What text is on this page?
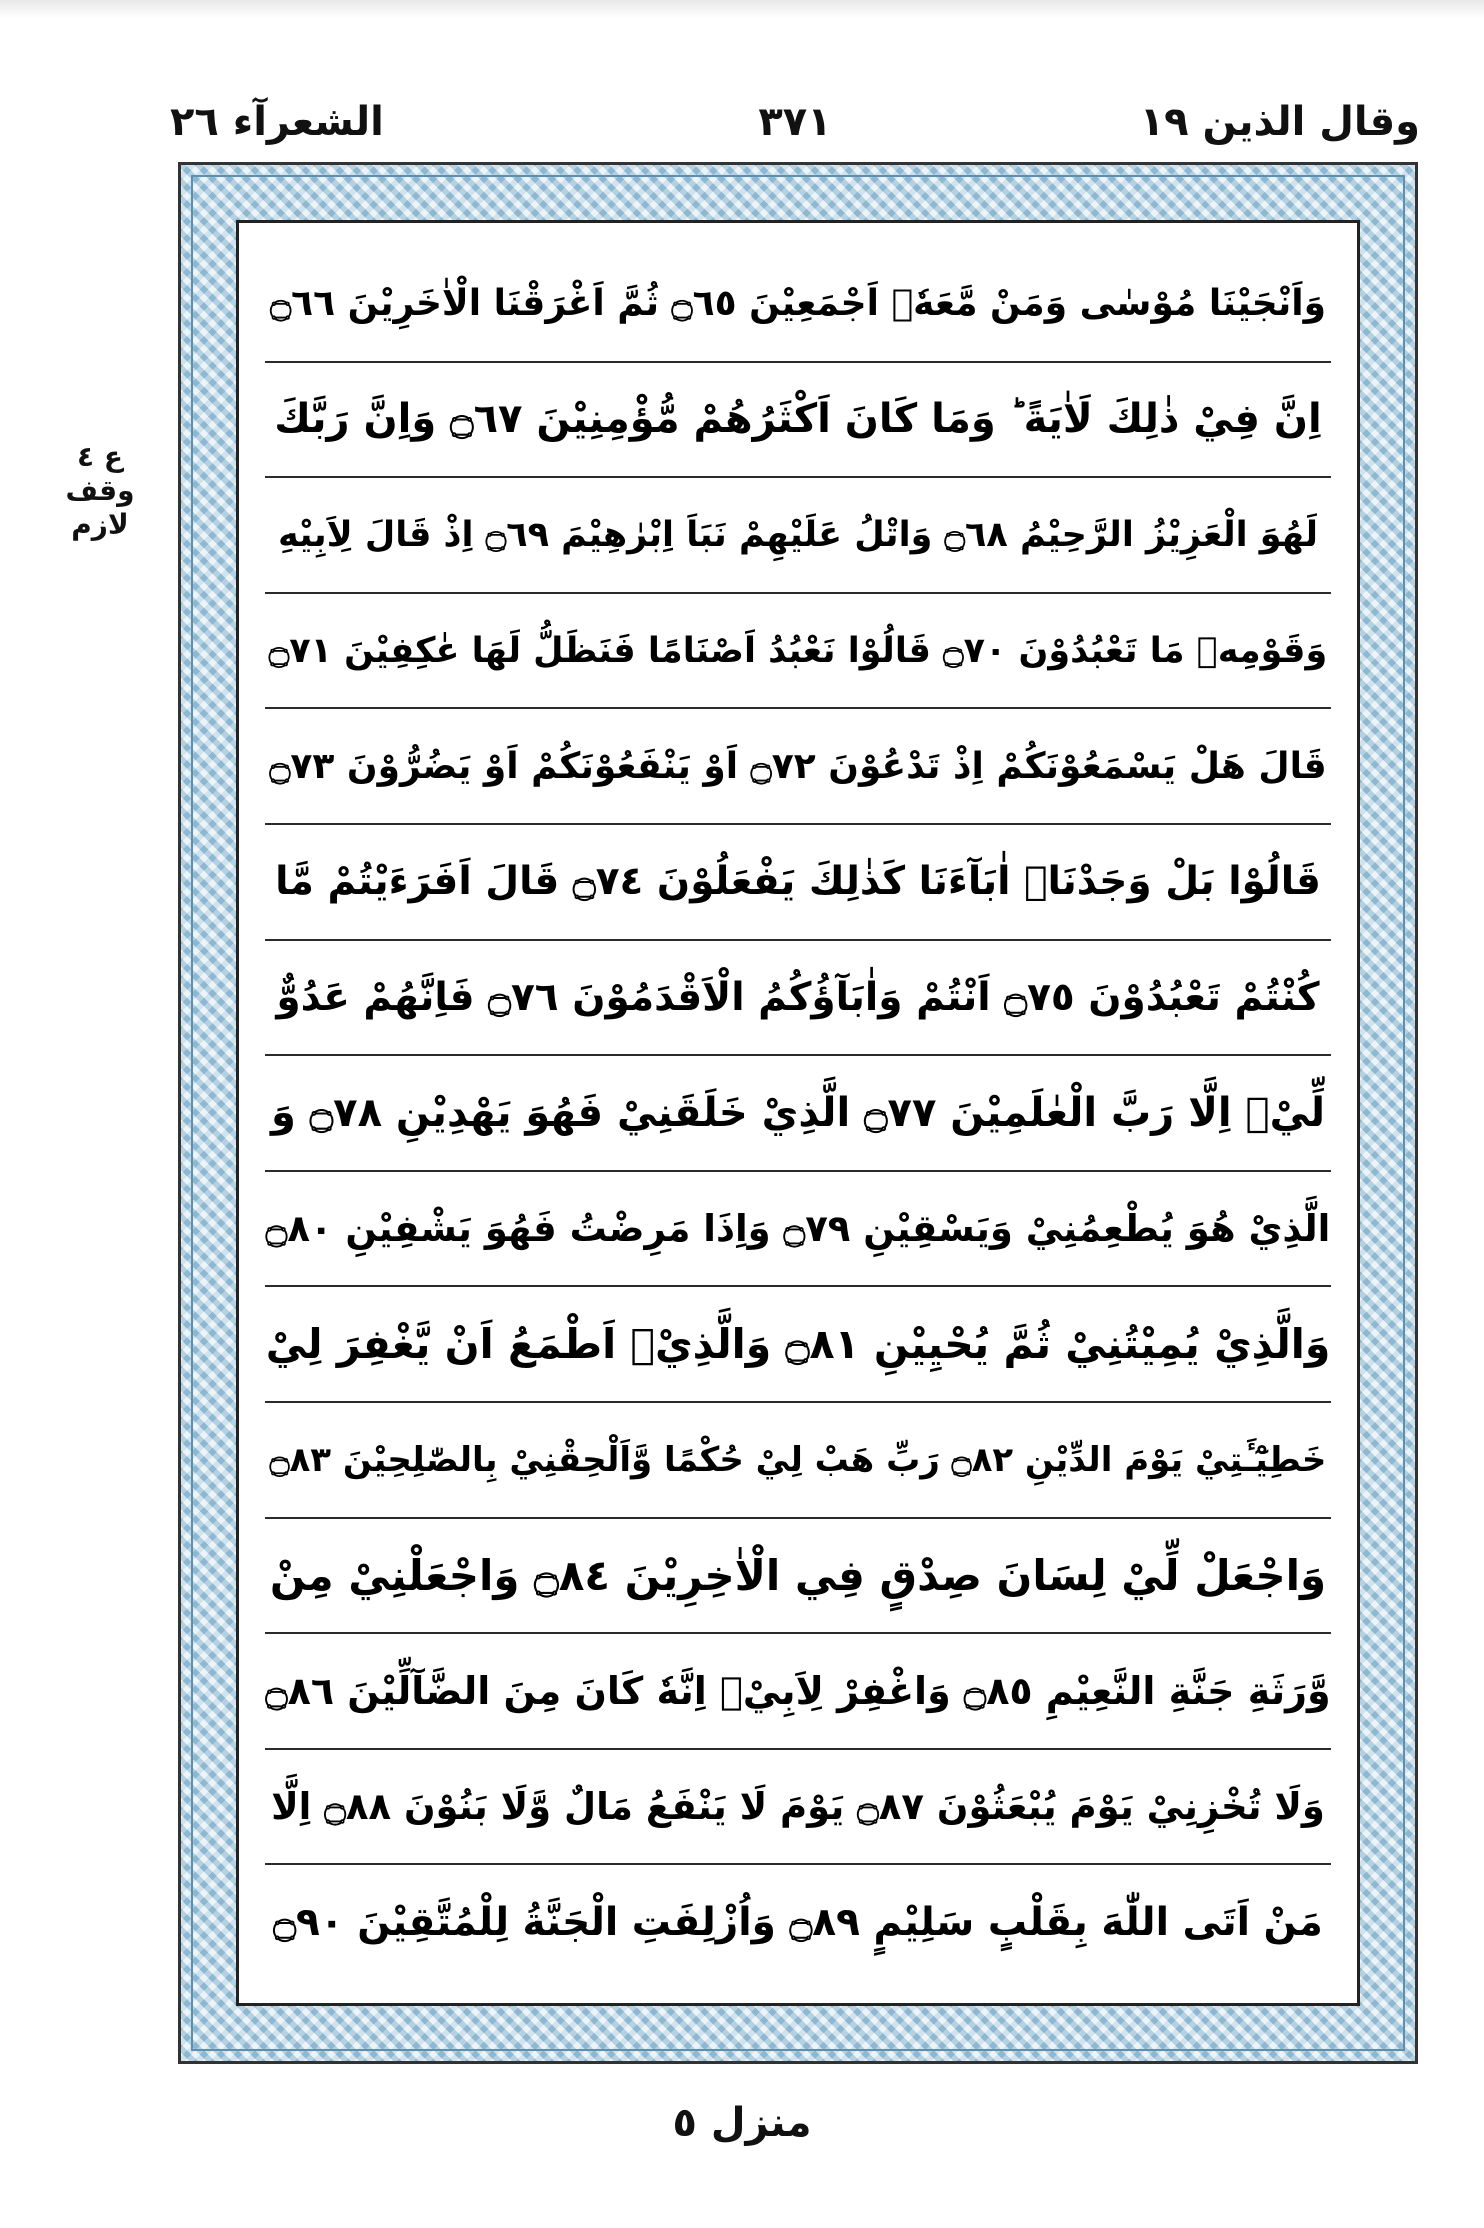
وقال الذين ١٩
٣٧١
الشعرآء ٢٦
ع ٤
وقف لازم
وَاَنْجَيْنَا مُوْسٰى وَمَنْ مَّعَهٗۤ اَجْمَعِيْنَ ۝٦٥ ثُمَّ اَغْرَقْنَا الْاٰخَرِيْنَ ۝٦٦
اِنَّ فِيْ ذٰلِكَ لَاٰيَةً ؕ وَمَا كَانَ اَكْثَرُهُمْ مُّؤْمِنِيْنَ ۝٦٧ وَاِنَّ رَبَّكَ
لَهُوَ الْعَزِيْزُ الرَّحِيْمُ ۝٦٨ وَاتْلُ عَلَيْهِمْ نَبَاَ اِبْرٰهِيْمَ ۝٦٩ اِذْ قَالَ لِاَبِيْهِ
وَقَوْمِهٖ مَا تَعْبُدُوْنَ ۝٧٠ قَالُوْا نَعْبُدُ اَصْنَامًا فَنَظَلُّ لَهَا عٰكِفِيْنَ ۝٧١
قَالَ هَلْ يَسْمَعُوْنَكُمْ اِذْ تَدْعُوْنَ ۝٧٢ اَوْ يَنْفَعُوْنَكُمْ اَوْ يَضُرُّوْنَ ۝٧٣
قَالُوْا بَلْ وَجَدْنَاۤ اٰبَآءَنَا كَذٰلِكَ يَفْعَلُوْنَ ۝٧٤ قَالَ اَفَرَءَيْتُمْ مَّا
كُنْتُمْ تَعْبُدُوْنَ ۝٧٥ اَنْتُمْ وَاٰبَآؤُكُمُ الْاَقْدَمُوْنَ ۝٧٦ فَاِنَّهُمْ عَدُوٌّ
لِّيْۤ اِلَّا رَبَّ الْعٰلَمِيْنَ ۝٧٧ الَّذِيْ خَلَقَنِيْ فَهُوَ يَهْدِيْنِ ۝٧٨ وَ
الَّذِيْ هُوَ يُطْعِمُنِيْ وَيَسْقِيْنِ ۝٧٩ وَاِذَا مَرِضْتُ فَهُوَ يَشْفِيْنِ ۝٨٠
وَالَّذِيْ يُمِيْتُنِيْ ثُمَّ يُحْيِيْنِ ۝٨١ وَالَّذِيْۤ اَطْمَعُ اَنْ يَّغْفِرَ لِيْ
خَطِيْٓـَٔتِيْ يَوْمَ الدِّيْنِ ۝٨٢ رَبِّ هَبْ لِيْ حُكْمًا وَّاَلْحِقْنِيْ بِالصّٰلِحِيْنَ ۝٨٣
وَاجْعَلْ لِّيْ لِسَانَ صِدْقٍ فِي الْاٰخِرِيْنَ ۝٨٤ وَاجْعَلْنِيْ مِنْ
وَّرَثَةِ جَنَّةِ النَّعِيْمِ ۝٨٥ وَاغْفِرْ لِاَبِيْۤ اِنَّهٗ كَانَ مِنَ الضَّآلِّيْنَ ۝٨٦
وَلَا تُخْزِنِيْ يَوْمَ يُبْعَثُوْنَ ۝٨٧ يَوْمَ لَا يَنْفَعُ مَالٌ وَّلَا بَنُوْنَ ۝٨٨ اِلَّا
مَنْ اَتَى اللّٰهَ بِقَلْبٍ سَلِيْمٍ ۝٨٩ وَاُزْلِفَتِ الْجَنَّةُ لِلْمُتَّقِيْنَ ۝٩٠
منزل ٥
